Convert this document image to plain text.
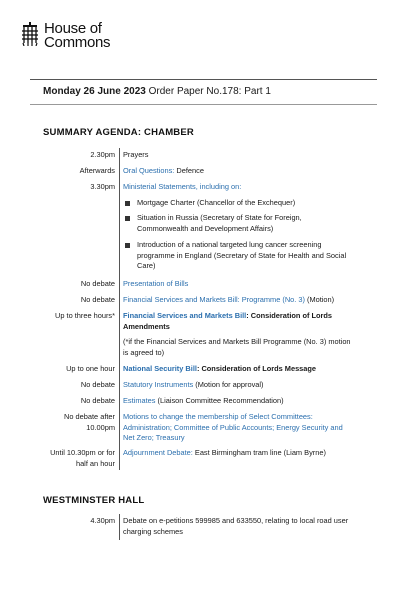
House of
Commons
Monday 26 June 2023 Order Paper No.178: Part 1
SUMMARY AGENDA: CHAMBER
2.30pm Prayers
Afterwards Oral Questions: Defence
3.30pm Ministerial Statements, including on:
Mortgage Charter (Chancellor of the Exchequer)
Situation in Russia (Secretary of State for Foreign, Commonwealth and Development Affairs)
Introduction of a national targeted lung cancer screening programme in England (Secretary of State for Health and Social Care)
No debate Presentation of Bills
No debate Financial Services and Markets Bill: Programme (No. 3) (Motion)
Up to three hours* Financial Services and Markets Bill: Consideration of Lords Amendments
(*if the Financial Services and Markets Bill Programme (No. 3) motion is agreed to)
Up to one hour National Security Bill: Consideration of Lords Message
No debate Statutory Instruments (Motion for approval)
No debate Estimates (Liaison Committee Recommendation)
No debate after 10.00pm
Motions to change the membership of Select Committees: Administration; Committee of Public Accounts; Energy Security and Net Zero; Treasury
Until 10.30pm or for half an hour
Adjournment Debate: East Birmingham tram line (Liam Byrne)
WESTMINSTER HALL
4.30pm Debate on e-petitions 599985 and 633550, relating to local road user charging schemes
